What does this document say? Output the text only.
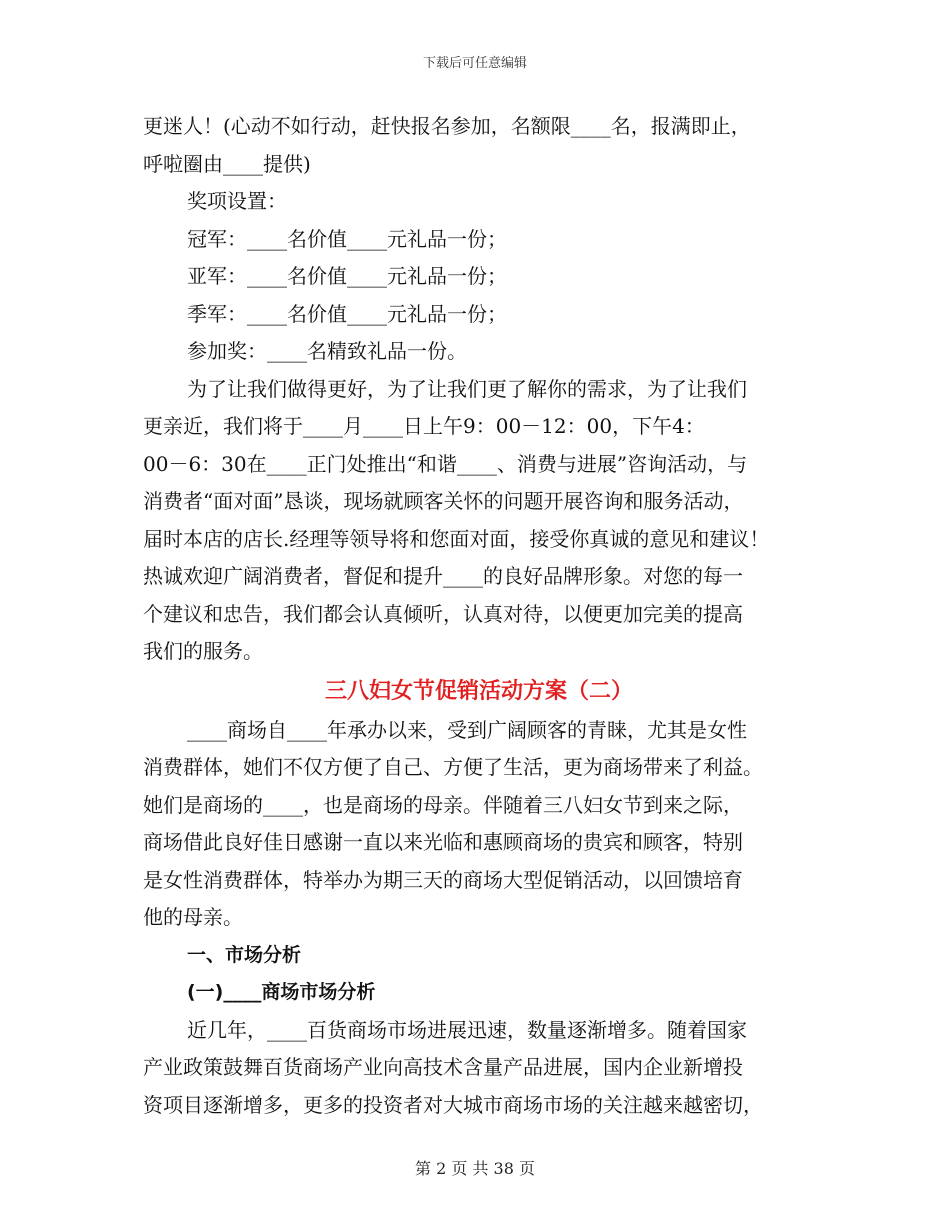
下载后可任意编辑

更迷人！(心动不如行动，赶快报名参加，名额限____名，报满即止，

呼啦圈由____提供)

奖项设置：

冠军：____名价值____元礼品一份；

亚军：____名价值____元礼品一份；

季军：____名价值____元礼品一份；

参加奖：____名精致礼品一份。

为了让我们做得更好，为了让我们更了解你的需求，为了让我们

更亲近，我们将于____月____日上午9：00－12：00，下午4：

00－6：30在____正门处推出“和谐____、消费与进展”咨询活动，与

消费者“面对面”恳谈，现场就顾客关怀的问题开展咨询和服务活动，

届时本店的店长.经理等领导将和您面对面，接受你真诚的意见和建议！

热诚欢迎广阔消费者，督促和提升____的良好品牌形象。对您的每一

个建议和忠告，我们都会认真倾听，认真对待，以便更加完美的提高

我们的服务。

三八妇女节促销活动方案（二）

____商场自____年承办以来，受到广阔顾客的青睐，尤其是女性

消费群体，她们不仅方便了自己、方便了生活，更为商场带来了利益。

她们是商场的____，也是商场的母亲。伴随着三八妇女节到来之际，

商场借此良好佳日感谢一直以来光临和惠顾商场的贵宾和顾客，特别

是女性消费群体，特举办为期三天的商场大型促销活动，以回馈培育

他的母亲。

一、市场分析

(一)____商场市场分析

近几年，____百货商场市场进展迅速，数量逐渐增多。随着国家

产业政策鼓舞百货商场产业向高技术含量产品进展，国内企业新增投

资项目逐渐增多，更多的投资者对大城市商场市场的关注越来越密切，

第 2 页 共 38 页
